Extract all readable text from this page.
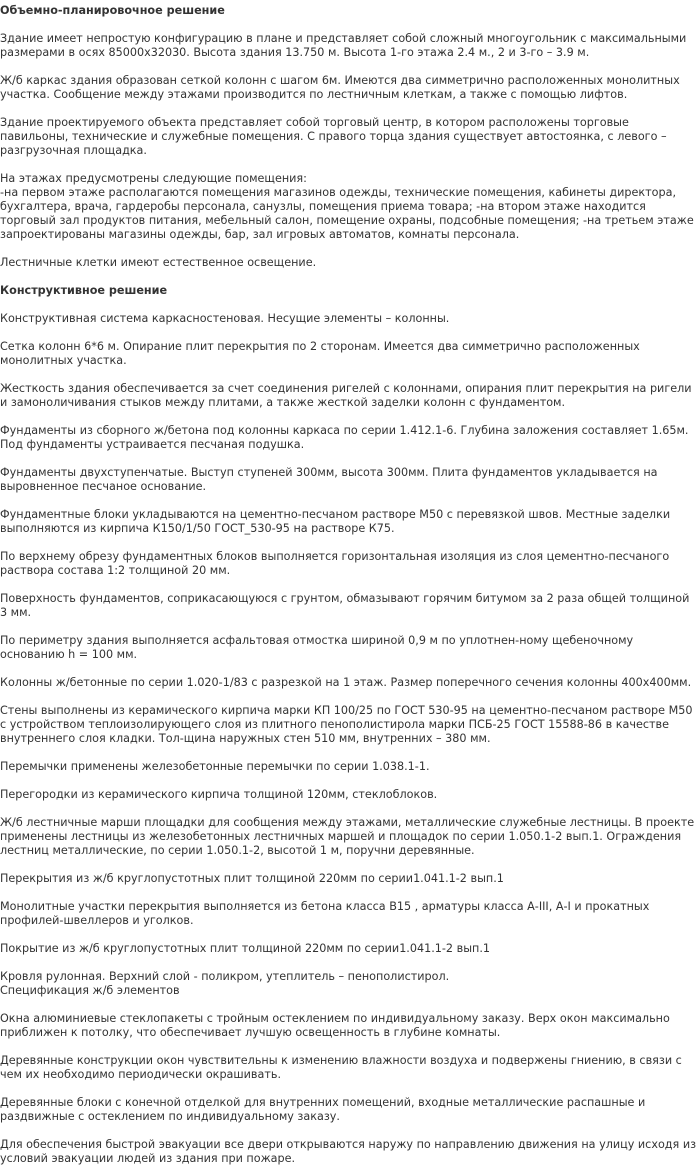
Объемно-планировочное решение

Здание имеет непростую конфигурацию в плане и представляет собой сложный многоугольник с максимальными размерами в осях 85000х32030. Высота здания 13.750 м. Высота 1-го этажа 2.4 м., 2 и 3-го – 3.9 м.

Ж/б каркас здания образован сеткой колонн с шагом 6м. Имеются два симметрично расположенных монолитных участка. Сообщение между этажами производится по лестничным клеткам, а также с помощью лифтов.

Здание проектируемого объекта представляет собой торговый центр, в котором расположены торговые павильоны, технические и служебные помещения. С правого торца здания существует автостоянка, с левого – разгрузочная площадка.

На этажах предусмотрены следующие помещения:
-на первом этаже располагаются помещения магазинов одежды, технические помещения, кабинеты директора, бухгалтера, врача, гардеробы персонала, санузлы, помещения приема товара; -на втором этаже находится торговый зал продуктов питания, мебельный салон, помещение охраны, подсобные помещения; -на третьем этаже запроектированы магазины одежды, бар, зал игровых автоматов, комнаты персонала.

Лестничные клетки имеют естественное освещение.

Конструктивное решение

Конструктивная система каркасностеновая. Несущие элементы – колонны.

Сетка колонн 6*6 м. Опирание плит перекрытия по 2 сторонам. Имеется два симметрично расположенных монолитных участка.

Жесткость здания обеспечивается за счет соединения ригелей с колоннами, опирания плит перекрытия на ригели и замоноличивания стыков между плитами, а также жесткой заделки колонн с фундаментом.

Фундаменты из сборного ж/бетона под колонны каркаса по серии 1.412.1-6. Глубина заложения составляет 1.65м. Под фундаменты устраивается песчаная подушка.

Фундаменты двухступенчатые. Выступ ступеней 300мм, высота 300мм. Плита фундаментов укладывается на выровненное песчаное основание.

Фундаментные блоки укладываются на цементно-песчаном растворе М50 с перевязкой швов. Местные заделки выполняются из кирпича К150/1/50 ГОСТ_530-95 на растворе К75.

По верхнему обрезу фундаментных блоков выполняется горизонтальная изоляция из слоя цементно-песчаного раствора состава 1:2 толщиной 20 мм.

Поверхность фундаментов, соприкасающуюся с грунтом, обмазывают горячим битумом за 2 раза общей толщиной 3 мм.

По периметру здания выполняется асфальтовая отмостка шириной 0,9 м по уплотнен-ному щебеночному основанию h = 100 мм.

Колонны ж/бетонные по серии 1.020-1/83 с разрезкой на 1 этаж. Размер поперечного сечения колонны 400х400мм.

Стены выполнены из керамического кирпича марки КП 100/25 по ГОСТ 530-95 на цементно-песчаном растворе М50 с устройством теплоизолирующего слоя из плитного пенополистирола марки ПСБ-25 ГОСТ 15588-86 в качестве внутреннего слоя кладки. Тол-щина наружных стен 510 мм, внутренних – 380 мм.

Перемычки применены железобетонные перемычки по серии 1.038.1-1.

Перегородки из керамического кирпича толщиной 120мм, стеклоблоков.

Ж/б лестничные марши площадки для сообщения между этажами, металлические служебные лестницы. В проекте применены лестницы из железобетонных лестничных маршей и площадок по серии 1.050.1-2 вып.1. Ограждения лестниц металлические, по серии 1.050.1-2, высотой 1 м, поручни деревянные.

Перекрытия из ж/б круглопустотных плит толщиной 220мм по серии1.041.1-2 вып.1

Монолитные участки перекрытия выполняется из бетона класса В15 , арматуры класса А-III, А-I и прокатных профилей-швеллеров и уголков.

Покрытие из ж/б круглопустотных плит толщиной 220мм по серии1.041.1-2 вып.1

Кровля рулонная. Верхний слой - поликром, утеплитель – пенополистирол.
Спецификация ж/б элементов

Окна алюминиевые стеклопакеты с тройным остеклением по индивидуальному заказу. Верх окон максимально приближен к потолку, что обеспечивает лучшую освещенность в глубине комнаты.

Деревянные конструкции окон чувствительны к изменению влажности воздуха и подвержены гниению, в связи с чем их необходимо периодически окрашивать.

Деревянные блоки с конечной отделкой для внутренних помещений, входные металлические распашные и раздвижные с остеклением по индивидуальному заказу.

Для обеспечения быстрой эвакуации все двери открываются наружу по направлению движения на улицу исходя из условий эвакуации людей из здания при пожаре.
